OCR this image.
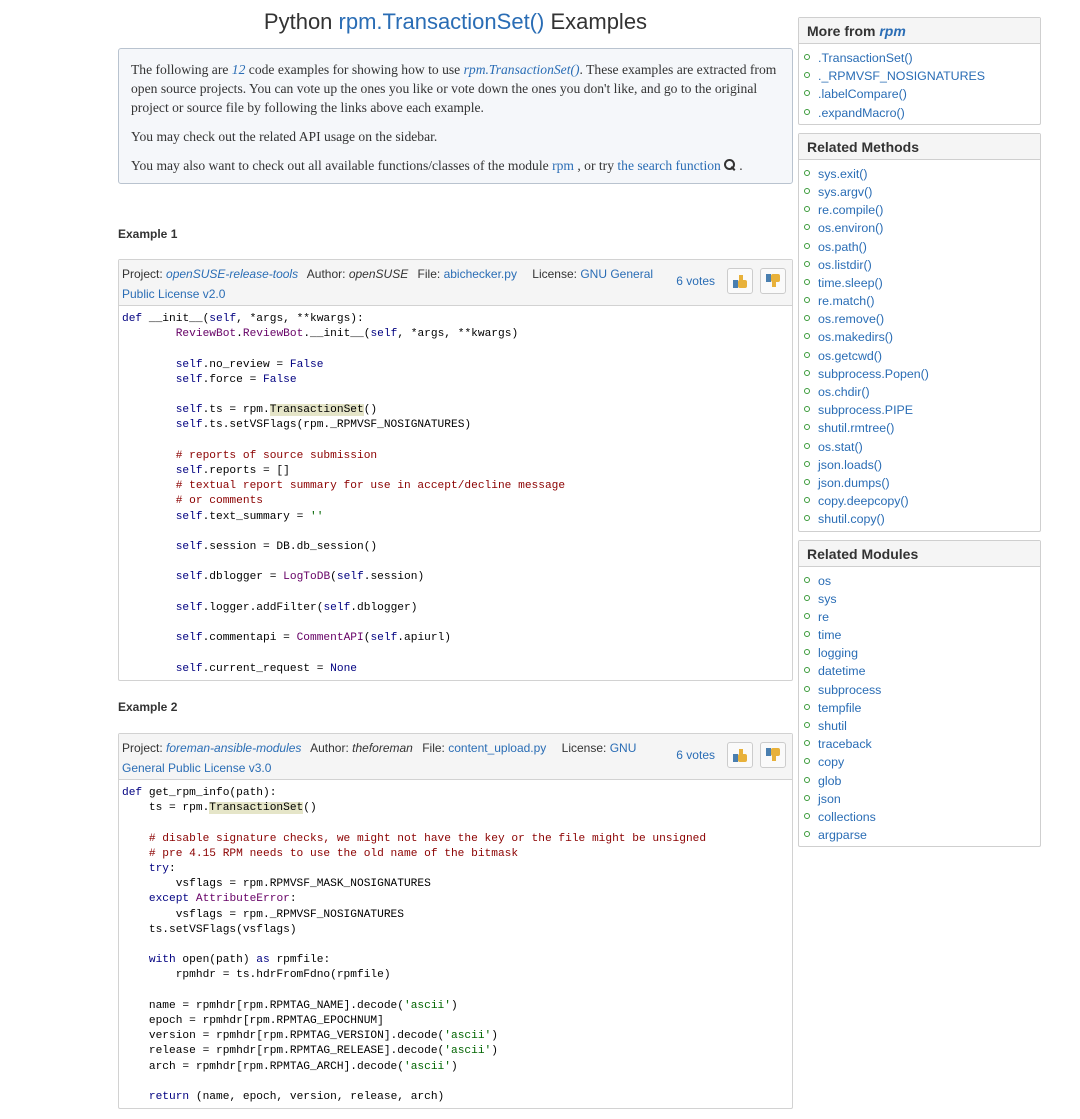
Python rpm.TransactionSet() Examples

The following are 12 code examples for showing how to use rpm.TransactionSet(). These examples are extracted from open source projects. You can vote up the ones you like or vote down the ones you don't like, and go to the original project or source file by following the links above each example.

You may check out the related API usage on the sidebar.

You may also want to check out all available functions/classes of the module rpm , or try the search function .

Example 1
Project: openSUSE-release-tools Author: openSUSE File: abichecker.py License: GNU General Public License v2.0
6 votes
def __init__(self, *args, **kwargs):
ReviewBot.ReviewBot.__init__(self, *args, **kwargs)

self.no_review = False
self.force = False

self.ts = rpm.TransactionSet()
self.ts.setVSFlags(rpm._RPMVSF_NOSIGNATURES)

# reports of source submission
self.reports = []
# textual report summary for use in accept/decline message
# or comments
self.text_summary = ''

self.session = DB.db_session()

self.dblogger = LogToDB(self.session)

self.logger.addFilter(self.dblogger)

self.commentapi = CommentAPI(self.apiurl)

self.current_request = None
Example 2
Project: foreman-ansible-modules Author: theforeman File: content_upload.py License: GNU General Public License v3.0
6 votes
def get_rpm_info(path):
ts = rpm.TransactionSet()

# disable signature checks, we might not have the key or the file might be unsigned
# pre 4.15 RPM needs to use the old name of the bitmask
try:
vsflags = rpm.RPMVSF_MASK_NOSIGNATURES
except AttributeError:
vsflags = rpm._RPMVSF_NOSIGNATURES
ts.setVSFlags(vsflags)

with open(path) as rpmfile:
rpmhdr = ts.hdrFromFdno(rpmfile)

name = rpmhdr[rpm.RPMTAG_NAME].decode('ascii')
epoch = rpmhdr[rpm.RPMTAG_EPOCHNUM]
version = rpmhdr[rpm.RPMTAG_VERSION].decode('ascii')
release = rpmhdr[rpm.RPMTAG_RELEASE].decode('ascii')
arch = rpmhdr[rpm.RPMTAG_ARCH].decode('ascii')

return (name, epoch, version, release, arch)
More from rpm
.TransactionSet()
._RPMVSF_NOSIGNATURES
.labelCompare()
.expandMacro()
Related Methods
sys.exit()
sys.argv()
re.compile()
os.environ()
os.path()
os.listdir()
time.sleep()
re.match()
os.remove()
os.makedirs()
os.getcwd()
subprocess.Popen()
os.chdir()
subprocess.PIPE
shutil.rmtree()
os.stat()
json.loads()
json.dumps()
copy.deepcopy()
shutil.copy()
Related Modules
os
sys
re
time
logging
datetime
subprocess
tempfile
shutil
traceback
copy
glob
json
collections
argparse
